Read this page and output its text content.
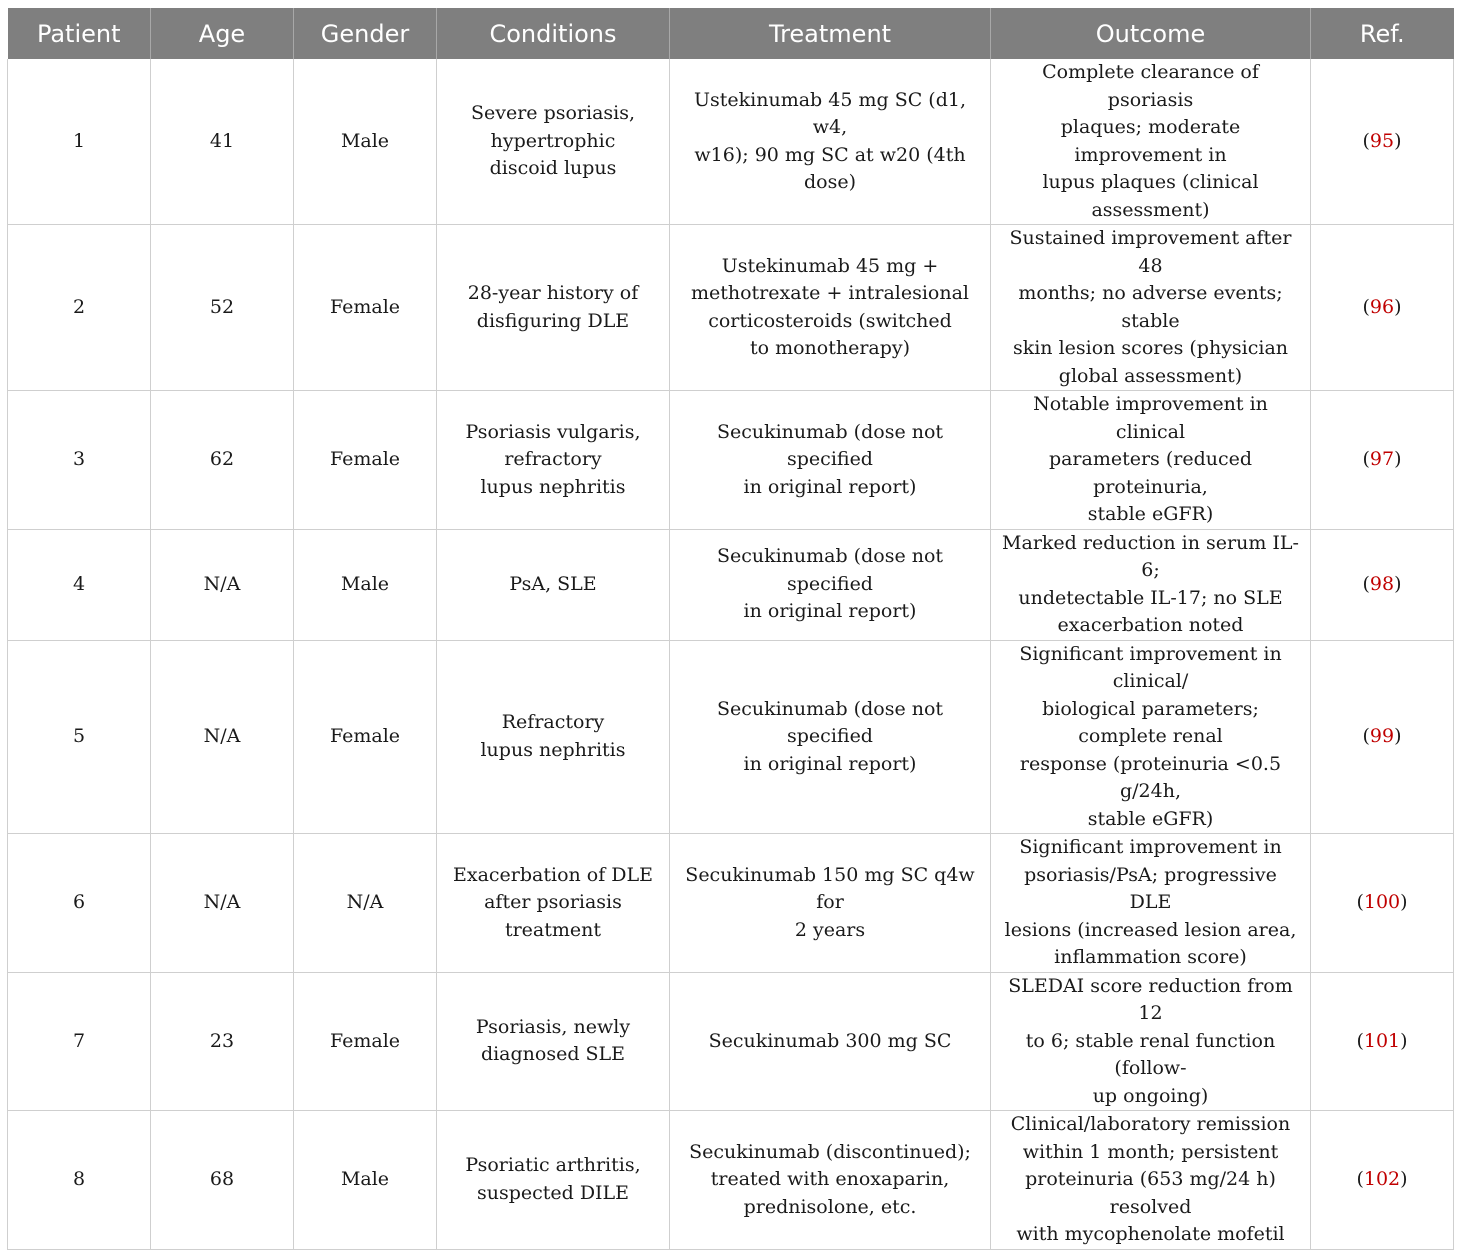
Patient	Age	Gender	Conditions	Treatment	Outcome	Ref.
1	41	Male	Severe psoriasis,
hypertrophic
discoid lupus	Ustekinumab 45 mg SC (d1, w4,
w16); 90 mg SC at w20 (4th dose)	Complete clearance of psoriasis
plaques; moderate improvement in
lupus plaques (clinical assessment)	(95)
2	52	Female	28-year history of
disfiguring DLE	Ustekinumab 45 mg +
methotrexate + intralesional
corticosteroids (switched
to monotherapy)	Sustained improvement after 48
months; no adverse events; stable
skin lesion scores (physician
global assessment)	(96)
3	62	Female	Psoriasis vulgaris,
refractory
lupus nephritis	Secukinumab (dose not specified
in original report)	Notable improvement in clinical
parameters (reduced proteinuria,
stable eGFR)	(97)
4	N/A	Male	PsA, SLE	Secukinumab (dose not specified
in original report)	Marked reduction in serum IL-6;
undetectable IL-17; no SLE
exacerbation noted	(98)
5	N/A	Female	Refractory
lupus nephritis	Secukinumab (dose not specified
in original report)	Significant improvement in clinical/
biological parameters; complete renal
response (proteinuria <0.5 g/24h,
stable eGFR)	(99)
6	N/A	N/A	Exacerbation of DLE
after psoriasis treatment	Secukinumab 150 mg SC q4w for
2 years	Significant improvement in
psoriasis/PsA; progressive DLE
lesions (increased lesion area,
inflammation score)	(100)
7	23	Female	Psoriasis, newly
diagnosed SLE	Secukinumab 300 mg SC	SLEDAI score reduction from 12
to 6; stable renal function (follow-
up ongoing)	(101)
8	68	Male	Psoriatic arthritis,
suspected DILE	Secukinumab (discontinued);
treated with enoxaparin,
prednisolone, etc.	Clinical/laboratory remission
within 1 month; persistent
proteinuria (653 mg/24 h) resolved
with mycophenolate mofetil	(102)
